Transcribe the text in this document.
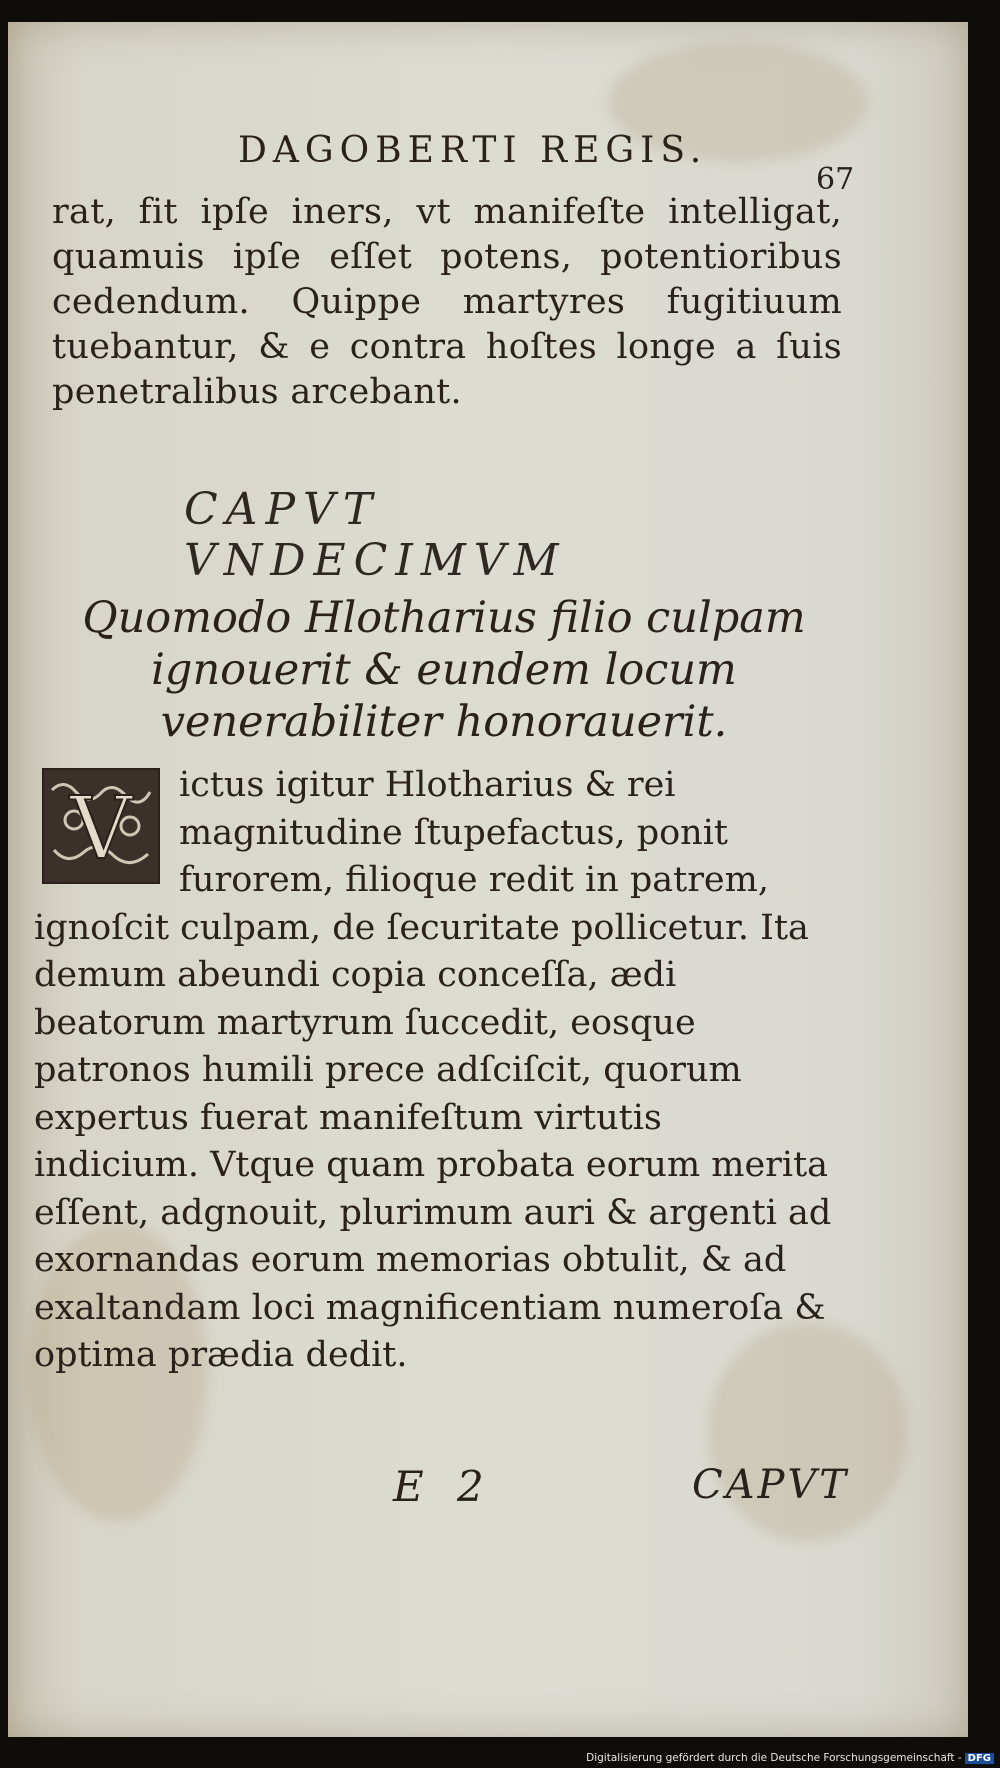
DAGOBERTI REGIS.
67
rat, fit ipſe iners, vt manifeſte intelligat, quamuis ipſe eſſet potens, potentioribus cedendum. Quippe martyres fugitiuum tuebantur, & e contra hoſtes longe a ſuis penetralibus arcebant.
CAPVT VNDECIMVM
Quomodo Hlotharius filio culpam ignouerit & eundem locum venerabiliter honorauerit.
V ictus igitur Hlotharius & rei magnitudine ſtupefactus, ponit furorem, filioque redit in patrem,
ignoſcit culpam, de ſecuritate pollicetur. Ita demum abeundi copia conceſſa, ædi beatorum martyrum ſuccedit, eosque patronos humili prece adſciſcit, quorum expertus fuerat manifeſtum virtutis indicium. Vtque quam probata eorum merita eſſent, adgnouit, plurimum auri & argenti ad exornandas eorum memorias obtulit, & ad exaltandam loci magnificentiam numeroſa & optima prædia dedit.
E 2	CAPVT
Digitalisierung gefördert durch die Deutsche Forschungsgemeinschaft - DFG
